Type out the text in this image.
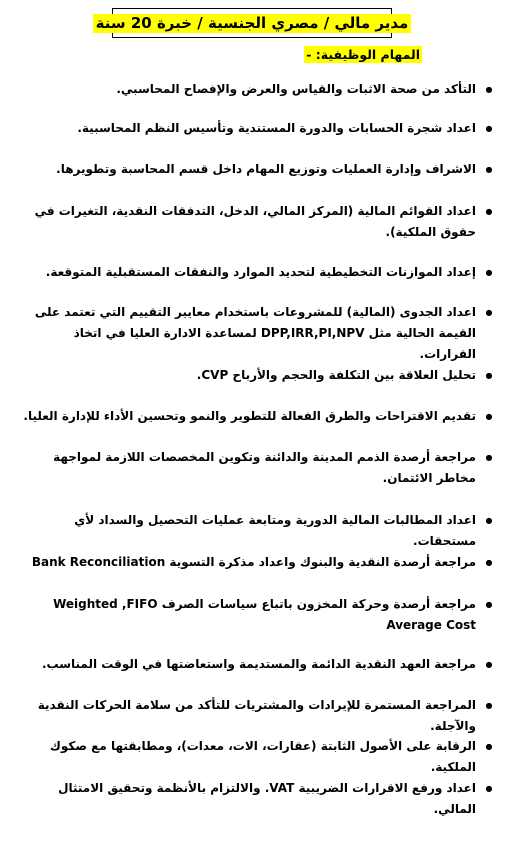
مدير مالي / مصري الجنسية / خبرة 20 سنة
المهام الوظيفية: -
●
التأكد من صحة الاثبات والقياس والعرض والإفصاح المحاسبي.
●
اعداد شجرة الحسابات والدورة المستندية وتأسيس النظم المحاسبية.
●
الاشراف وإدارة العمليات وتوزيع المهام داخل قسم المحاسبة وتطويرها.
●
اعداد القوائم المالية (المركز المالي، الدخل، التدفقات النقدية، التغيرات في حقوق الملكية).
●
إعداد الموازنات التخطيطية لتحديد الموارد والنفقات المستقبلية المتوقعة.
●
اعداد الجدوى (المالية) للمشروعات باستخدام معايير التقييم التي تعتمد على القيمة الحالية مثل DPP,IRR,PI,NPV لمساعدة الادارة العليا في اتخاذ القرارات.
●
تحليل العلاقة بين التكلفة والحجم والأرباح CVP.
●
تقديم الاقتراحات والطرق الفعالة للتطوير والنمو وتحسين الأداء للإدارة العليا.
●
مراجعة أرصدة الذمم المدينة والدائنة وتكوين المخصصات اللازمة لمواجهة مخاطر الائتمان.
●
اعداد المطالبات المالية الدورية ومتابعة عمليات التحصيل والسداد لأي مستحقات.
●
مراجعة أرصدة النقدية والبنوك واعداد مذكرة التسوية Bank Reconciliation
●
مراجعة أرصدة وحركة المخزون باتباع سياسات الصرف Weighted ,FIFO Average Cost
●
مراجعة العهد النقدية الدائمة والمستديمة واستعاضتها في الوقت المناسب.
●
المراجعة المستمرة للإيرادات والمشتريات للتأكد من سلامة الحركات النقدية والآجلة.
●
الرقابة على الأصول الثابتة (عقارات، الات، معدات)، ومطابقتها مع صكوك الملكية.
●
اعداد ورفع الاقرارات الضريبية VAT. والالتزام بالأنظمة وتحقيق الامتثال المالي.
